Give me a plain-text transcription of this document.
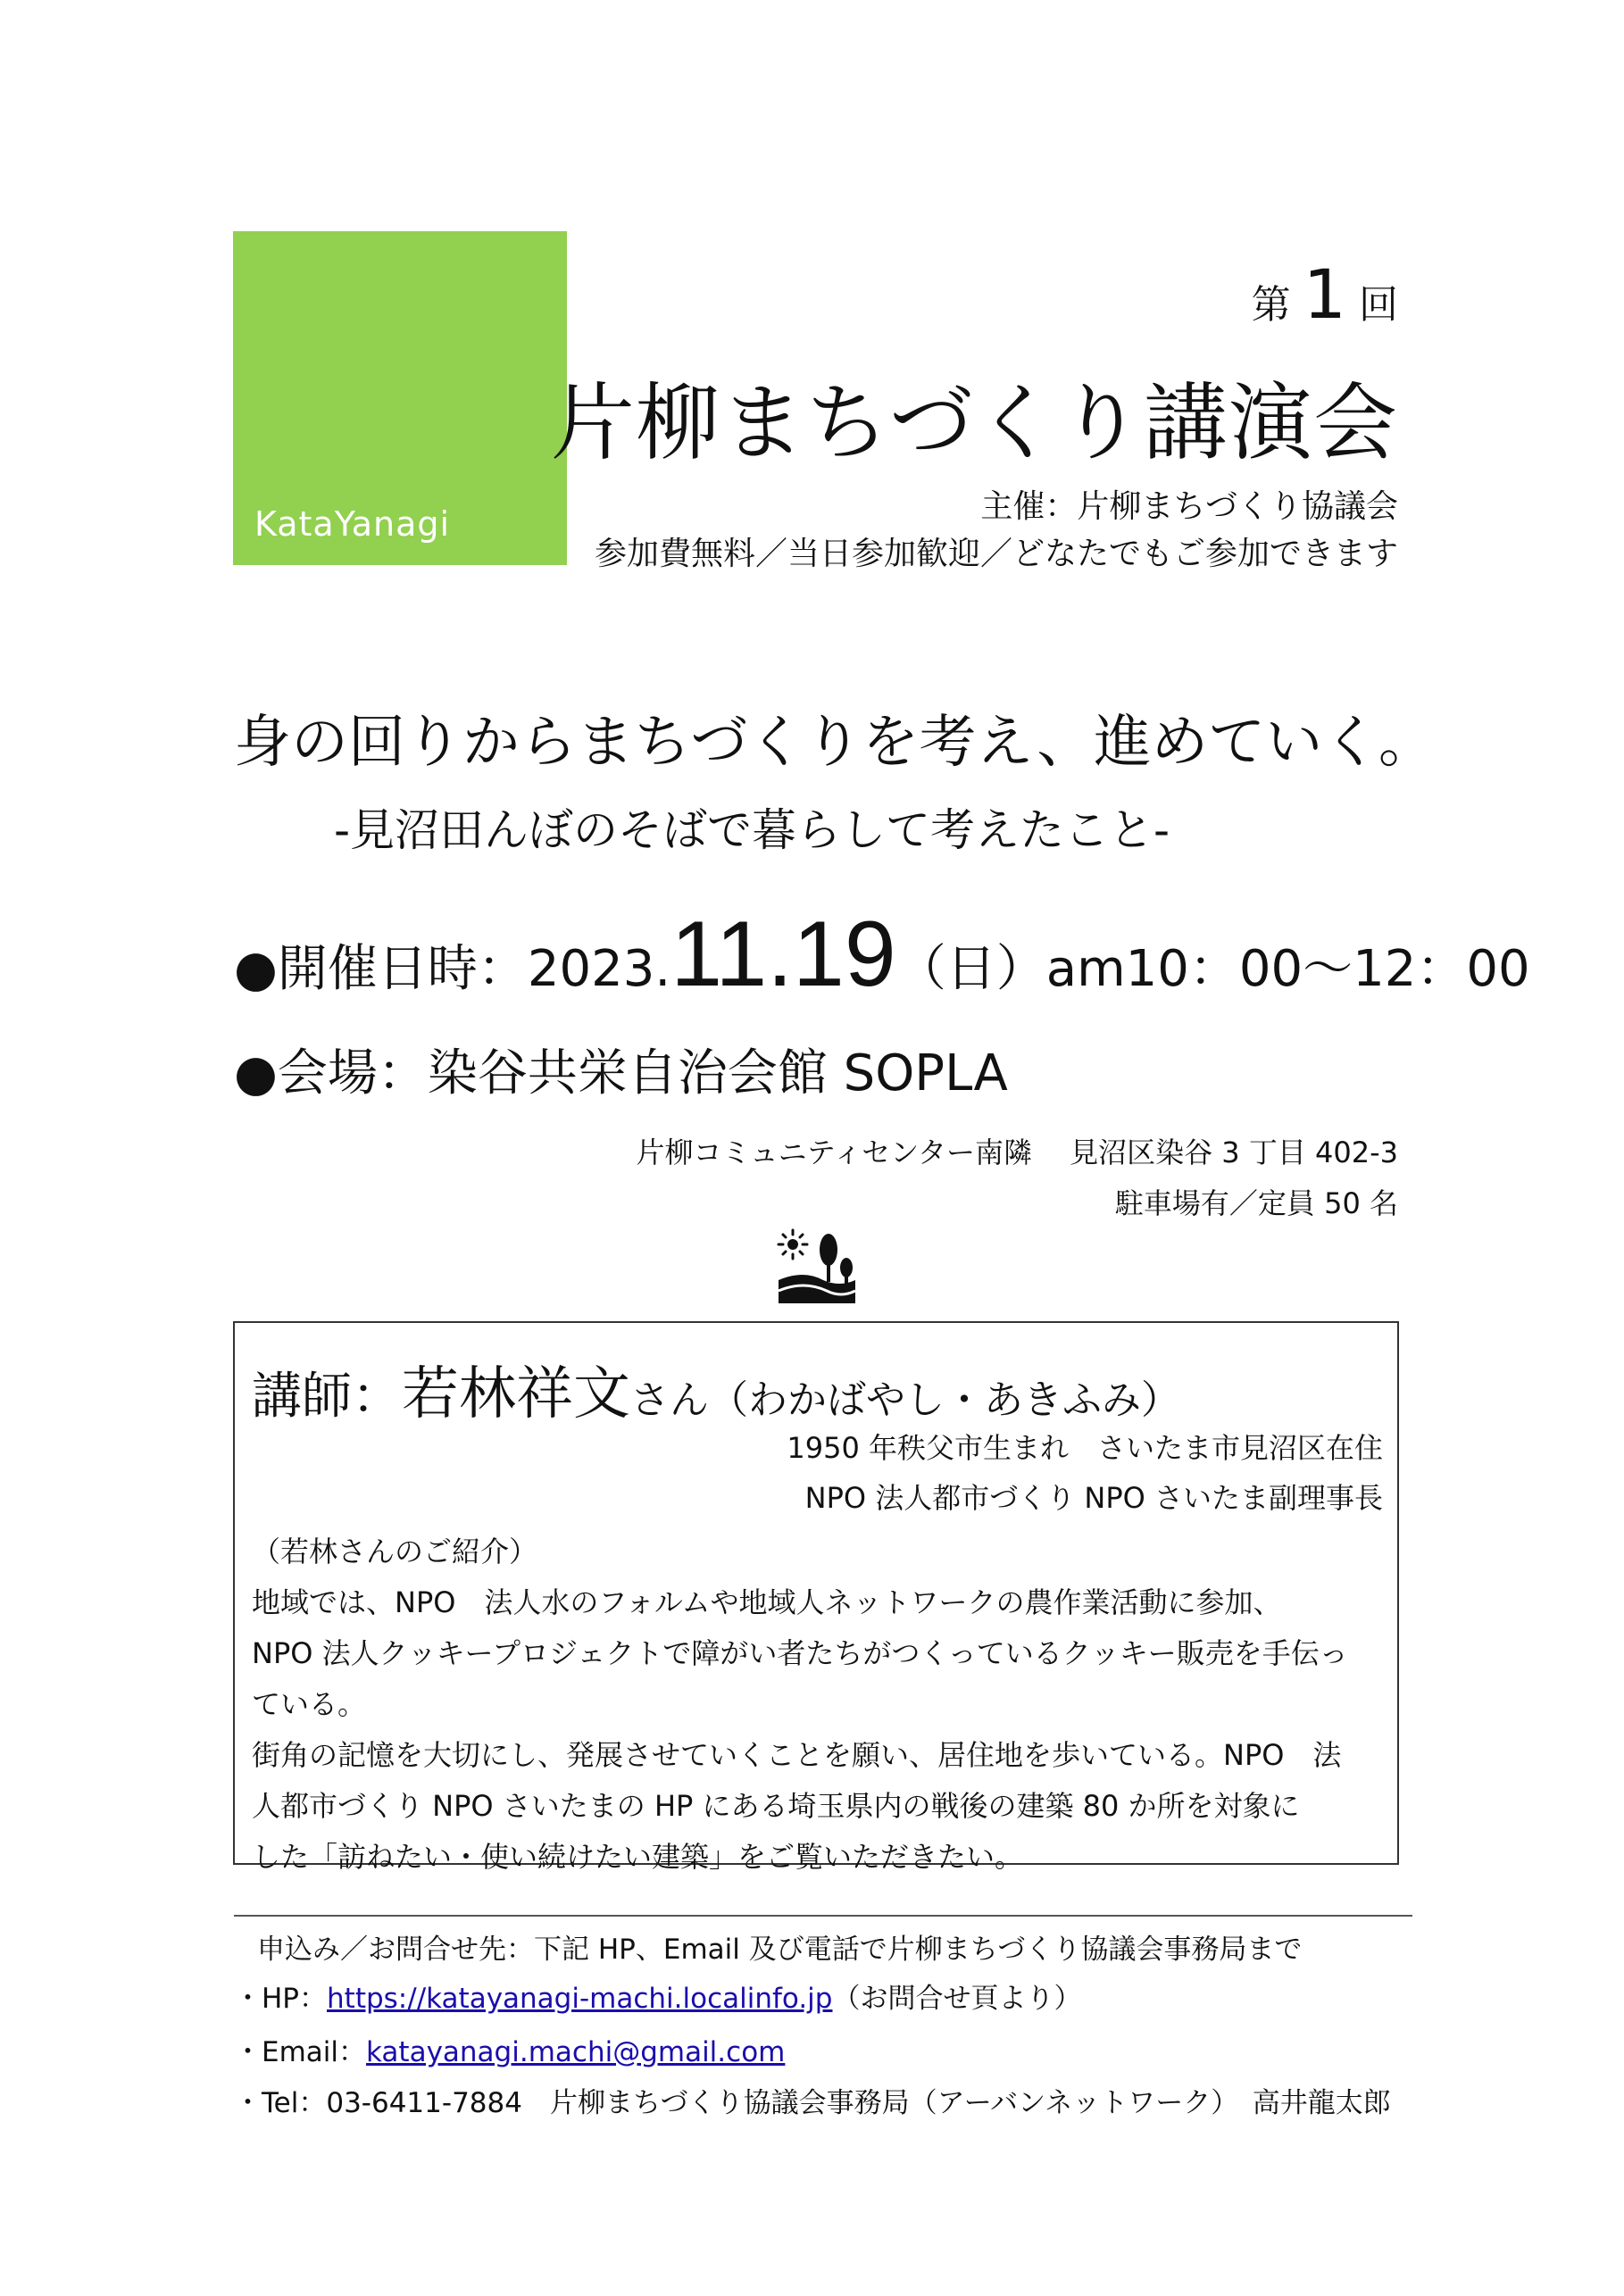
KataYanagi
第 1 回
片柳まちづくり講演会
主催：片柳まちづくり協議会
参加費無料／当日参加歓迎／どなたでもご参加できます
身の回りからまちづくりを考え、進めていく。
-見沼田んぼのそばで暮らして考えたこと-
●開催日時： 2023. 11.19 （日） am10：00～12：00
●会場：染谷共栄自治会館 SOPLA
片柳コミュニティセンター南隣　 見沼区染谷 3 丁目 402-3
駐車場有／定員 50 名
講師： 若林祥文 さん（わかばやし・あきふみ）
1950 年秩父市生まれ　さいたま市見沼区在住
NPO 法人都市づくり NPO さいたま副理事長
（若林さんのご紹介）
地域では、NPO　法人水のフォルムや地域人ネットワークの農作業活動に参加、
NPO 法人クッキープロジェクトで障がい者たちがつくっているクッキー販売を手伝っ
ている。
街角の記憶を大切にし、発展させていくことを願い、居住地を歩いている。NPO　法
人都市づくり NPO さいたまの HP にある埼玉県内の戦後の建築 80 か所を対象に
した「訪ねたい・使い続けたい建築」をご覧いただきたい。
申込み／お問合せ先：下記 HP、Email 及び電話で片柳まちづくり協議会事務局まで
・HP：https://katayanagi-machi.localinfo.jp（お問合せ頁より）
・Email：katayanagi.machi@gmail.com
・Tel：03-6411-7884　片柳まちづくり協議会事務局（アーバンネットワーク）　高井龍太郎
